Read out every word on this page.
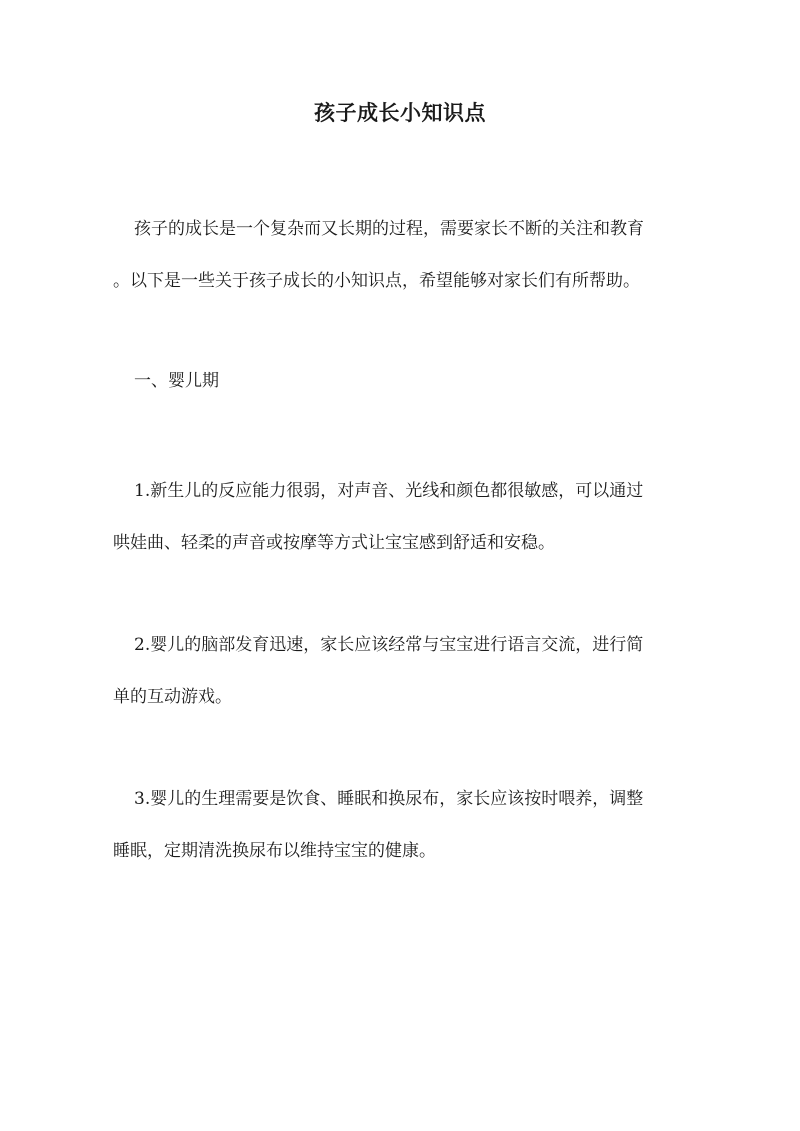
孩子成长小知识点
孩子的成长是一个复杂而又长期的过程，需要家长不断的关注和教育
。以下是一些关于孩子成长的小知识点，希望能够对家长们有所帮助。
一、婴儿期
1.新生儿的反应能力很弱，对声音、光线和颜色都很敏感，可以通过
哄娃曲、轻柔的声音或按摩等方式让宝宝感到舒适和安稳。
2.婴儿的脑部发育迅速，家长应该经常与宝宝进行语言交流，进行简
单的互动游戏。
3.婴儿的生理需要是饮食、睡眠和换尿布，家长应该按时喂养，调整
睡眠，定期清洗换尿布以维持宝宝的健康。
